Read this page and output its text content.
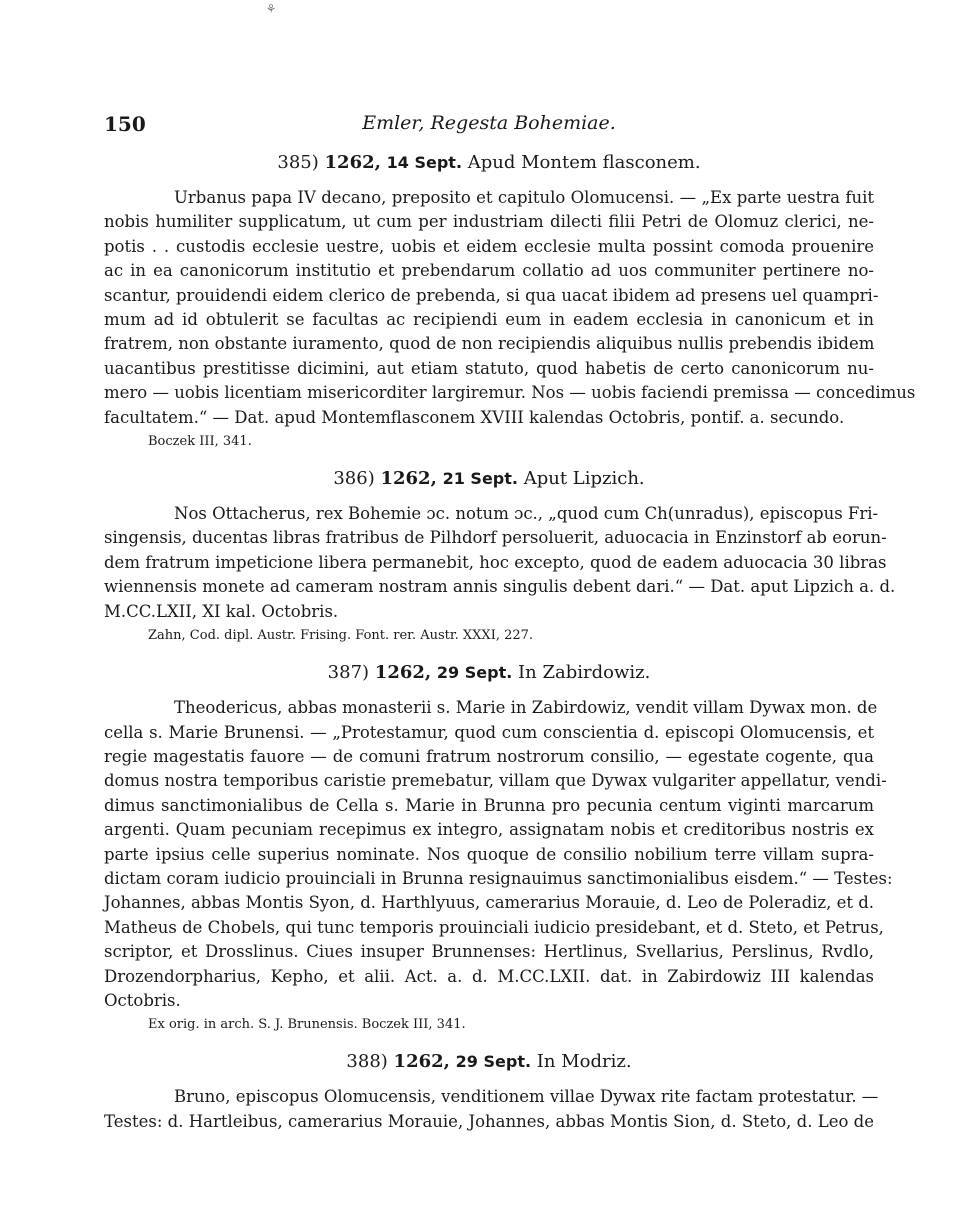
⚘
150	Emler, Regesta Bohemiae.
385) 1262, 14 Sept. Apud Montem flasconem.
Urbanus papa IV decano, preposito et capitulo Olomucensi. — „Ex parte uestra fuit
nobis humiliter supplicatum, ut cum per industriam dilecti filii Petri de Olomuz clerici, ne-
potis . . custodis ecclesie uestre, uobis et eidem ecclesie multa possint comoda prouenire
ac in ea canonicorum institutio et prebendarum collatio ad uos communiter pertinere no-
scantur, prouidendi eidem clerico de prebenda, si qua uacat ibidem ad presens uel quampri-
mum ad id obtulerit se facultas ac recipiendi eum in eadem ecclesia in canonicum et in
fratrem, non obstante iuramento, quod de non recipiendis aliquibus nullis prebendis ibidem
uacantibus prestitisse dicimini, aut etiam statuto, quod habetis de certo canonicorum nu-
mero — uobis licentiam misericorditer largiremur. Nos — uobis faciendi premissa — concedimus
facultatem.“ — Dat. apud Montemflasconem XVIII kalendas Octobris, pontif. a. secundo.
Boczek III, 341.
386) 1262, 21 Sept. Aput Lipzich.
Nos Ottacherus, rex Bohemie ɔc. notum ɔc., „quod cum Ch(unradus), episcopus Fri-
singensis, ducentas libras fratribus de Pilhdorf persoluerit, aduocacia in Enzinstorf ab eorun-
dem fratrum impeticione libera permanebit, hoc excepto, quod de eadem aduocacia 30 libras
wiennensis monete ad cameram nostram annis singulis debent dari.“ — Dat. aput Lipzich a. d.
M.CC.LXII, XI kal. Octobris.
Zahn, Cod. dipl. Austr. Frising. Font. rer. Austr. XXXI, 227.
387) 1262, 29 Sept. In Zabirdowiz.
Theodericus, abbas monasterii s. Marie in Zabirdowiz, vendit villam Dywax mon. de
cella s. Marie Brunensi. — „Protestamur, quod cum conscientia d. episcopi Olomucensis, et
regie magestatis fauore — de comuni fratrum nostrorum consilio, — egestate cogente, qua
domus nostra temporibus caristie premebatur, villam que Dywax vulgariter appellatur, vendi-
dimus sanctimonialibus de Cella s. Marie in Brunna pro pecunia centum viginti marcarum
argenti. Quam pecuniam recepimus ex integro, assignatam nobis et creditoribus nostris ex
parte ipsius celle superius nominate. Nos quoque de consilio nobilium terre villam supra-
dictam coram iudicio prouinciali in Brunna resignauimus sanctimonialibus eisdem.“ — Testes:
Johannes, abbas Montis Syon, d. Harthlyuus, camerarius Morauie, d. Leo de Poleradiz, et d.
Matheus de Chobels, qui tunc temporis prouinciali iudicio presidebant, et d. Steto, et Petrus,
scriptor, et Drosslinus. Ciues insuper Brunnenses: Hertlinus, Svellarius, Perslinus, Rvdlo,
Drozendorpharius, Kepho, et alii. Act. a. d. M.CC.LXII. dat. in Zabirdowiz III kalendas
Octobris.
Ex orig. in arch. S. J. Brunensis. Boczek III, 341.
388) 1262, 29 Sept. In Modriz.
Bruno, episcopus Olomucensis, venditionem villae Dywax rite factam protestatur. —
Testes: d. Hartleibus, camerarius Morauie, Johannes, abbas Montis Sion, d. Steto, d. Leo de
